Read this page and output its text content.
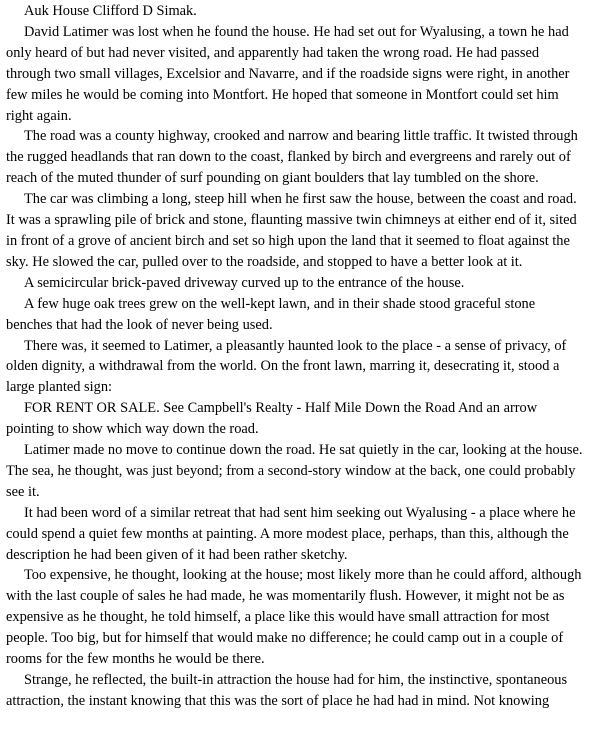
Auk House Clifford D Simak.

David Latimer was lost when he found the house. He had set out for Wyalusing, a town he had only heard of but had never visited, and apparently had taken the wrong road. He had passed through two small villages, Excelsior and Navarre, and if the roadside signs were right, in another few miles he would be coming into Montfort. He hoped that someone in Montfort could set him right again.

The road was a county highway, crooked and narrow and bearing little traffic. It twisted through the rugged headlands that ran down to the coast, flanked by birch and evergreens and rarely out of reach of the muted thunder of surf pounding on giant boulders that lay tumbled on the shore.

The car was climbing a long, steep hill when he first saw the house, between the coast and road. It was a sprawling pile of brick and stone, flaunting massive twin chimneys at either end of it, sited in front of a grove of ancient birch and set so high upon the land that it seemed to float against the sky. He slowed the car, pulled over to the roadside, and stopped to have a better look at it.

A semicircular brick-paved driveway curved up to the entrance of the house.

A few huge oak trees grew on the well-kept lawn, and in their shade stood graceful stone benches that had the look of never being used.

There was, it seemed to Latimer, a pleasantly haunted look to the place - a sense of privacy, of olden dignity, a withdrawal from the world. On the front lawn, marring it, desecrating it, stood a large planted sign:

FOR RENT OR SALE. See Campbell's Realty - Half Mile Down the Road And an arrow pointing to show which way down the road.

Latimer made no move to continue down the road. He sat quietly in the car, looking at the house. The sea, he thought, was just beyond; from a second-story window at the back, one could probably see it.

It had been word of a similar retreat that had sent him seeking out Wyalusing - a place where he could spend a quiet few months at painting. A more modest place, perhaps, than this, although the description he had been given of it had been rather sketchy.

Too expensive, he thought, looking at the house; most likely more than he could afford, although with the last couple of sales he had made, he was momentarily flush. However, it might not be as expensive as he thought, he told himself, a place like this would have small attraction for most people. Too big, but for himself that would make no difference; he could camp out in a couple of rooms for the few months he would be there.

Strange, he reflected, the built-in attraction the house had for him, the instinctive, spontaneous attraction, the instant knowing that this was the sort of place he had had in mind. Not knowing
